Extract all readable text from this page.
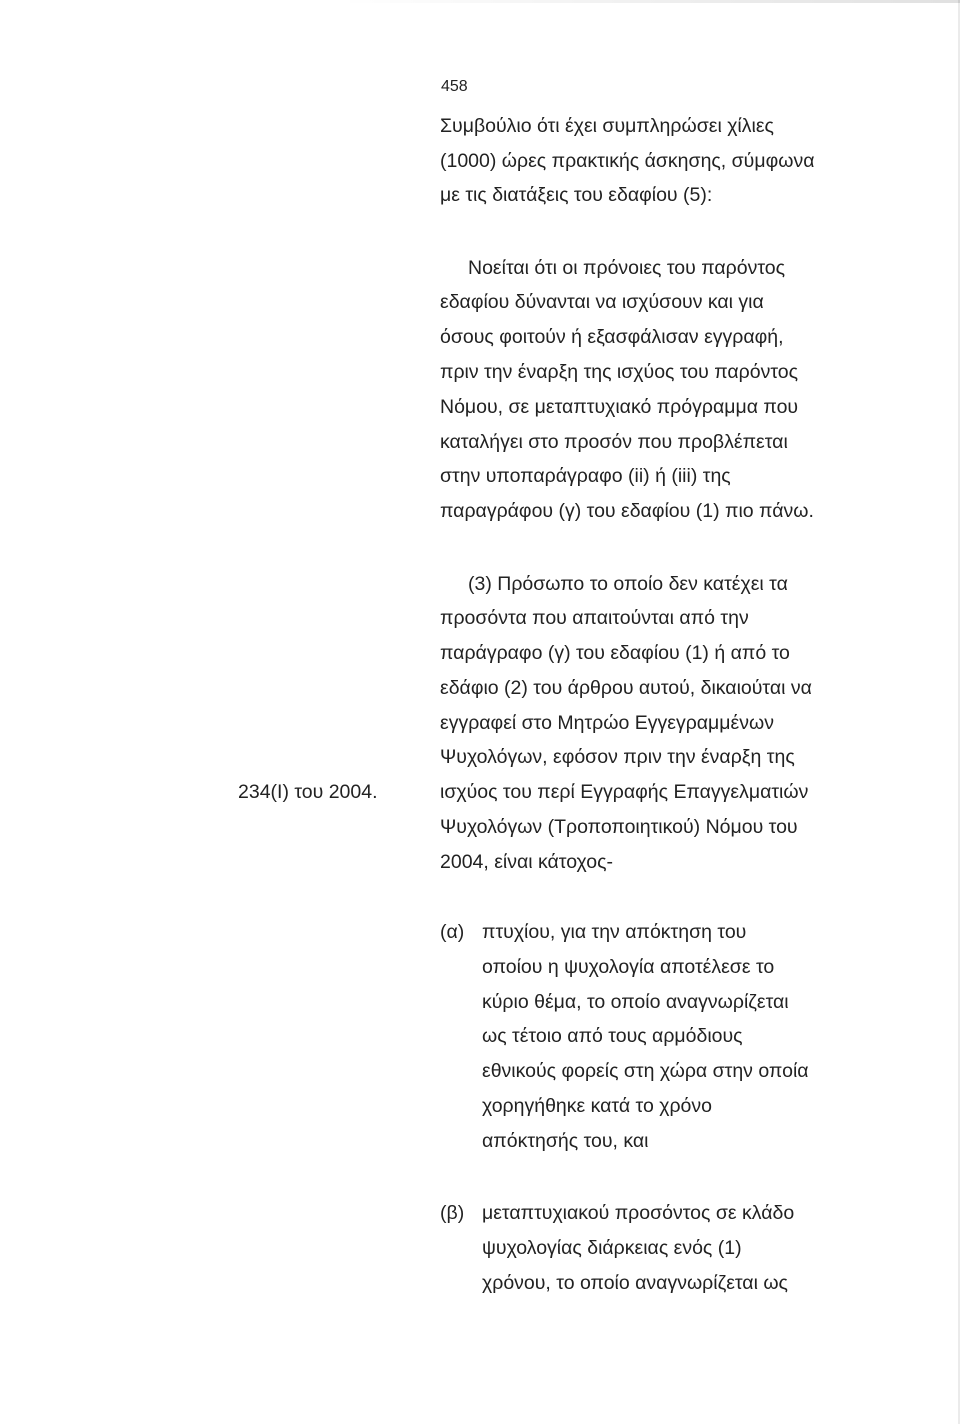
458
Συμβούλιο ότι έχει συμπληρώσει χίλιες
(1000) ώρες πρακτικής άσκησης, σύμφωνα
με τις διατάξεις του εδαφίου (5):
Νοείται ότι οι πρόνοιες του παρόντος
εδαφίου δύνανται να ισχύσουν και για
όσους φοιτούν ή εξασφάλισαν εγγραφή,
πριν την έναρξη της ισχύος του παρόντος
Νόμου, σε μεταπτυχιακό πρόγραμμα που
καταλήγει στο προσόν που προβλέπεται
στην υποπαράγραφο (ii) ή (iii) της
παραγράφου (γ) του εδαφίου (1) πιο πάνω.
(3) Πρόσωπο το οποίο δεν κατέχει τα
προσόντα που απαιτούνται από την
παράγραφο (γ) του εδαφίου (1) ή από το
εδάφιο (2) του άρθρου αυτού, δικαιούται να
εγγραφεί στο Μητρώο Εγγεγραμμένων
Ψυχολόγων, εφόσον πριν την έναρξη της
ισχύος του περί Εγγραφής Επαγγελματιών
Ψυχολόγων (Τροποποιητικού) Νόμου του
2004, είναι κάτοχος-
234(I) του 2004.
(α) πτυχίου, για την απόκτηση του
οποίου η ψυχολογία αποτέλεσε το
κύριο θέμα, το οποίο αναγνωρίζεται
ως τέτοιο από τους αρμόδιους
εθνικούς φορείς στη χώρα στην οποία
χορηγήθηκε κατά το χρόνο
απόκτησής του, και
(β) μεταπτυχιακού προσόντος σε κλάδο
ψυχολογίας διάρκειας ενός (1)
χρόνου, το οποίο αναγνωρίζεται ως
